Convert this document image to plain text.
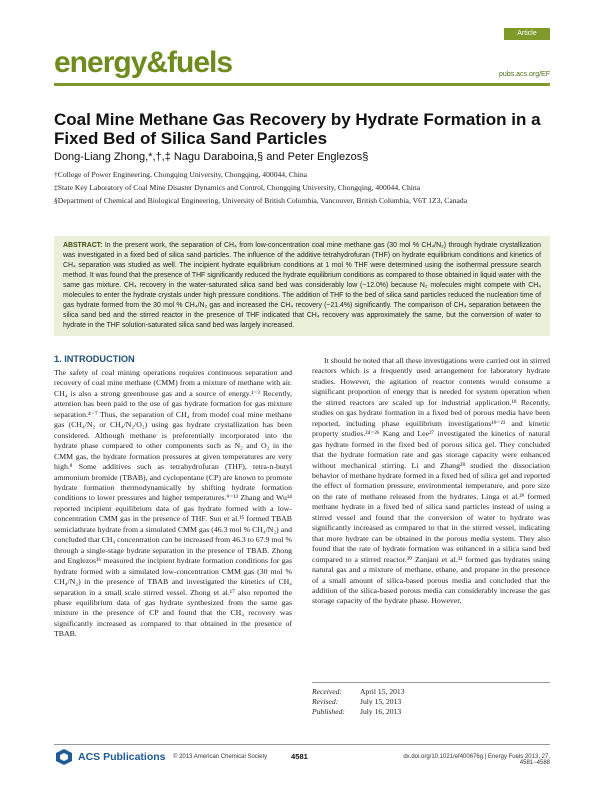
Article
energy&fuels	pubs.acs.org/EF
Coal Mine Methane Gas Recovery by Hydrate Formation in a Fixed Bed of Silica Sand Particles
Dong-Liang Zhong,*,†,‡ Nagu Daraboina,§ and Peter Englezos§
†College of Power Engineering, Chongqing University, Chongqing, 400044, China
‡State Key Laboratory of Coal Mine Disaster Dynamics and Control, Chongqing University, Chongqing, 400044, China
§Department of Chemical and Biological Engineering, University of British Columbia, Vancouver, British Columbia, V6T 1Z3, Canada
ABSTRACT: In the present work, the separation of CH₄ from low-concentration coal mine methane gas (30 mol % CH₄/N₂) through hydrate crystallization was investigated in a fixed bed of silica sand particles. The influence of the additive tetrahydrofuran (THF) on hydrate equilibrium conditions and kinetics of CH₄ separation was studied as well. The incipient hydrate equilibrium conditions at 1 mol % THF were determined using the isothermal pressure search method. It was found that the presence of THF significantly reduced the hydrate equilibrium conditions as compared to those obtained in liquid water with the same gas mixture. CH₄ recovery in the water-saturated silica sand bed was considerably low (~12.0%) because N₂ molecules might compete with CH₄ molecules to enter the hydrate crystals under high pressure conditions. The addition of THF to the bed of silica sand particles reduced the nucleation time of gas hydrate formed from the 30 mol % CH₄/N₂ gas and increased the CH₄ recovery (~21.4%) significantly. The comparison of CH₄ separation between the silica sand bed and the stirred reactor in the presence of THF indicated that CH₄ recovery was approximately the same, but the conversion of water to hydrate in the THF solution-saturated silica sand bed was largely increased.
1. INTRODUCTION

The safety of coal mining operations requires continuous separation and recovery of coal mine methane (CMM) from a mixture of methane with air. CH₄ is also a strong greenhouse gas and a source of energy.¹⁻³ Recently, attention has been paid to the use of gas hydrate formation for gas mixture separation.⁴⁻⁷ Thus, the separation of CH₄ from model coal mine methane gas (CH₄/N₂ or CH₄/N₂/O₂) using gas hydrate crystallization has been considered. Although methane is preferentially incorporated into the hydrate phase compared to other components such as N₂ and O₂ in the CMM gas, the hydrate formation pressures at given temperatures are very high.⁸ Some additives such as tetrahydrofuran (THF), tetra-n-butyl ammonium bromide (TBAB), and cyclopentane (CP) are known to promote hydrate formation thermodynamically by shifting hydrate formation conditions to lower pressures and higher temperatures.⁹⁻¹³ Zhang and Wu¹⁴ reported incipient equilibrium data of gas hydrate formed with a low-concentration CMM gas in the presence of THF. Sun et al.¹⁵ formed TBAB semiclathrate hydrate from a simulated CMM gas (46.3 mol % CH₄/N₂) and concluded that CH₄ concentration can be increased from 46.3 to 67.9 mol % through a single-stage hydrate separation in the presence of TBAB. Zhong and Englezos¹⁶ measured the incipient hydrate formation conditions for gas hydrate formed with a simulated low-concentration CMM gas (30 mol % CH₄/N₂) in the presence of TBAB and investigated the kinetics of CH₄ separation in a small scale stirred vessel. Zhong et al.¹⁷ also reported the phase equilibrium data of gas hydrate synthesized from the same gas mixture in the presence of CP and found that the CH₄ recovery was significantly increased as compared to that obtained in the presence of TBAB.

It should be noted that all these investigations were carried out in stirred reactors which is a frequently used arrangement for laboratory hydrate studies. However, the agitation of reactor contents would consume a significant proportion of energy that is needed for system operation when the stirred reactors are scaled up for industrial application.¹⁸ Recently, studies on gas hydrate formation in a fixed bed of porous media have been reported, including phase equilibrium investigations¹⁹⁻²³ and kinetic property studies.²⁴⁻²⁶ Kang and Lee²⁷ investigated the kinetics of natural gas hydrate formed in the fixed bed of porous silica gel. They concluded that the hydrate formation rate and gas storage capacity were enhanced without mechanical stirring. Li and Zhang²⁸ studied the dissociation behavior of methane hydrate formed in a fixed bed of silica gel and reported the effect of formation pressure, environmental temperature, and pore size on the rate of methane released from the hydrates. Linga et al.²⁹ formed methane hydrate in a fixed bed of silica sand particles instead of using a stirred vessel and found that the conversion of water to hydrate was significantly increased as compared to that in the stirred vessel, indicating that more hydrate can be obtained in the porous media system. They also found that the rate of hydrate formation was enhanced in a silica sand bed compared to a stirred reactor.³⁰ Zanjani et al.³¹ formed gas hydrates using natural gas and a mixture of methane, ethane, and propane in the presence of a small amount of silica-based porous media and concluded that the addition of the silica-based porous media can considerably increase the gas storage capacity of the hydrate phase. However,

Received:	April 15, 2013
Revised:	July 15, 2013
Published:	July 16, 2013
ACS Publications © 2013 American Chemical Society	4581	dx.doi.org/10.1021/ef400676g | Energy Fuels 2013, 27, 4581−4588
